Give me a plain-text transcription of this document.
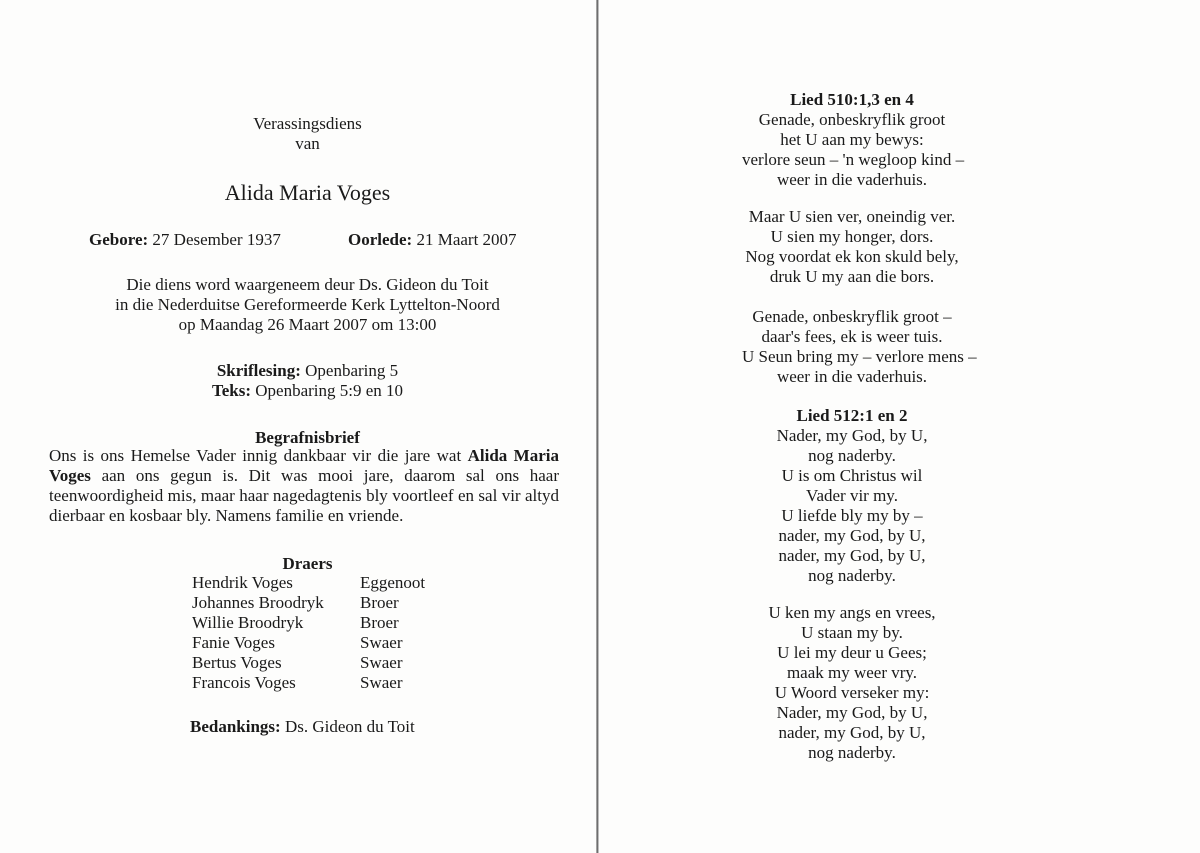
Verassingsdiens
van
Alida Maria Voges
Gebore: 27 Desember 1937	Oorlede: 21 Maart 2007
Die diens word waargeneem deur Ds. Gideon du Toit
in die Nederduitse Gereformeerde Kerk Lyttelton-Noord
op Maandag 26 Maart 2007 om 13:00
Skriflesing: Openbaring 5
Teks: Openbaring 5:9 en 10
Begrafnisbrief

Ons is ons Hemelse Vader innig dankbaar vir die jare wat Alida Maria Voges aan ons gegun is. Dit was mooi jare, daarom sal ons haar teenwoordigheid mis, maar haar nagedagtenis bly voortleef en sal vir altyd dierbaar en kosbaar bly. Namens familie en vriende.

Draers
Hendrik Voges	Eggenoot
Johannes Broodryk	Broer
Willie Broodryk	Broer
Fanie Voges	Swaer
Bertus Voges	Swaer
Francois Voges	Swaer
Bedankings: Ds. Gideon du Toit
Lied 510:1,3 en 4
Genade, onbeskryflik groot
het U aan my bewys:
verlore seun – 'n wegloop kind –
weer in die vaderhuis.
Maar U sien ver, oneindig ver.
U sien my honger, dors.
Nog voordat ek kon skuld bely,
druk U my aan die bors.
Genade, onbeskryflik groot –
daar's fees, ek is weer tuis.
U Seun bring my – verlore mens –
weer in die vaderhuis.
Lied 512:1 en 2
Nader, my God, by U,
nog naderby.
U is om Christus wil
Vader vir my.
U liefde bly my by –
nader, my God, by U,
nader, my God, by U,
nog naderby.
U ken my angs en vrees,
U staan my by.
U lei my deur u Gees;
maak my weer vry.
U Woord verseker my:
Nader, my God, by U,
nader, my God, by U,
nog naderby.
